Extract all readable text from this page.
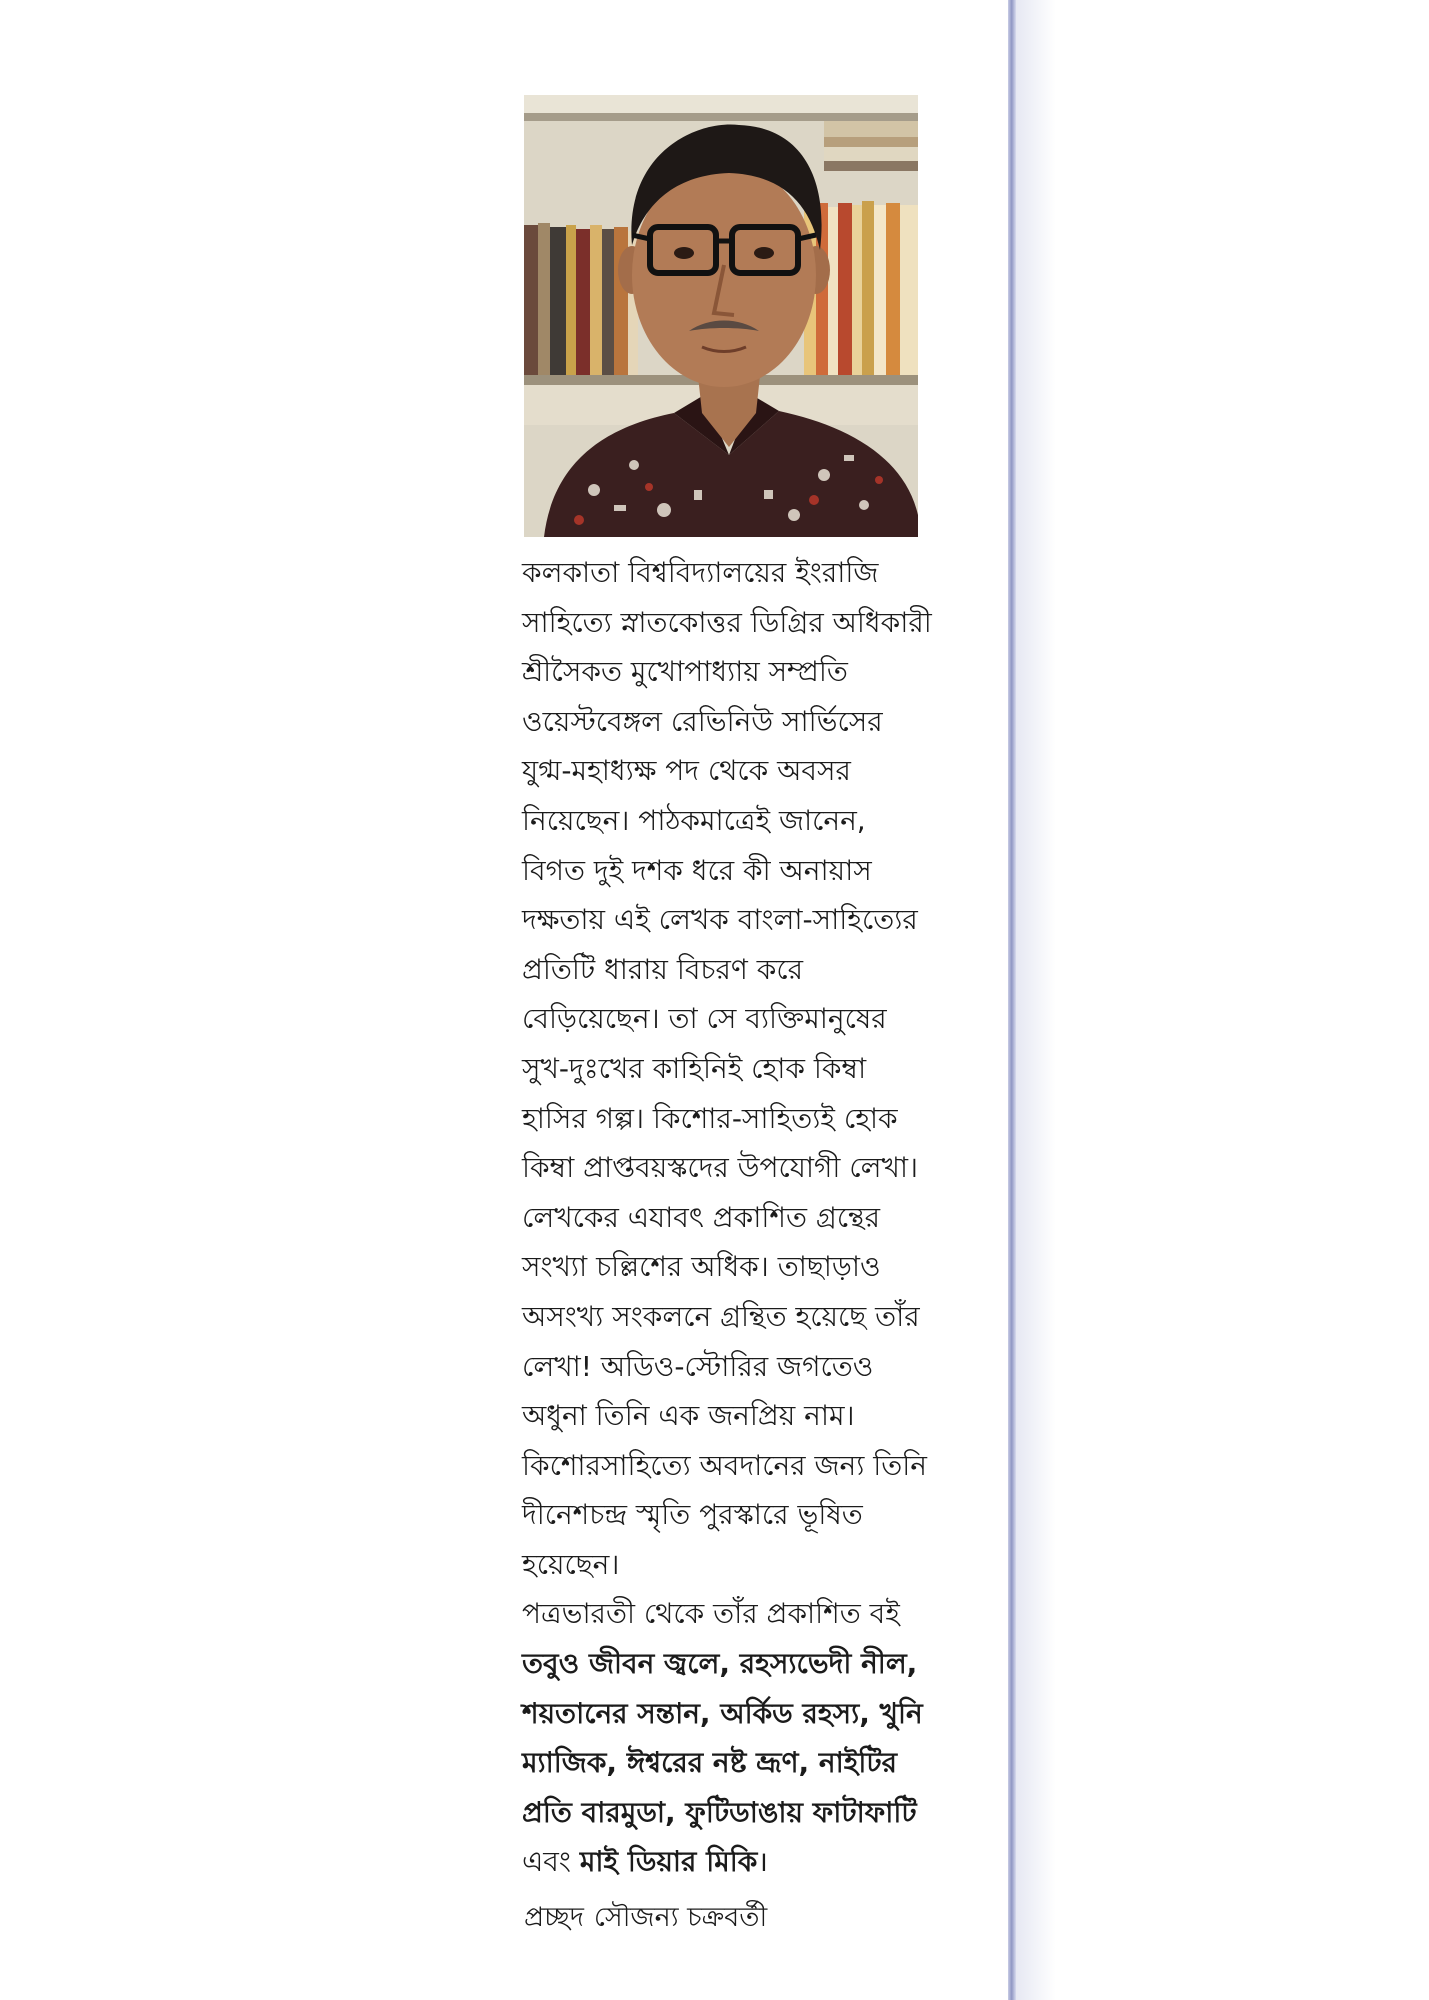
কলকাতা বিশ্ববিদ্যালয়ের ইংরাজি
সাহিত্যে স্নাতকোত্তর ডিগ্রির অধিকারী
শ্রীসৈকত মুখোপাধ্যায় সম্প্রতি
ওয়েস্টবেঙ্গল রেভিনিউ সার্ভিসের
যুগ্ম-মহাধ্যক্ষ পদ থেকে অবসর
নিয়েছেন। পাঠকমাত্রেই জানেন,
বিগত দুই দশক ধরে কী অনায়াস
দক্ষতায় এই লেখক বাংলা-সাহিত্যের
প্রতিটি ধারায় বিচরণ করে
বেড়িয়েছেন। তা সে ব্যক্তিমানুষের
সুখ-দুঃখের কাহিনিই হোক কিম্বা
হাসির গল্প। কিশোর-সাহিত্যই হোক
কিম্বা প্রাপ্তবয়স্কদের উপযোগী লেখা।
লেখকের এযাবৎ প্রকাশিত গ্রন্থের
সংখ্যা চল্লিশের অধিক। তাছাড়াও
অসংখ্য সংকলনে গ্রন্থিত হয়েছে তাঁর
লেখা! অডিও-স্টোরির জগতেও
অধুনা তিনি এক জনপ্রিয় নাম।
কিশোরসাহিত্যে অবদানের জন্য তিনি
দীনেশচন্দ্র স্মৃতি পুরস্কারে ভূষিত
হয়েছেন।
পত্রভারতী থেকে তাঁর প্রকাশিত বই
তবুও জীবন জ্বলে, রহস্যভেদী নীল,
শয়তানের সন্তান, অর্কিড রহস্য, খুনি
ম্যাজিক, ঈশ্বরের নষ্ট ভ্রূণ, নাইটির
প্রতি বারমুডা, ফুটিডাঙায় ফাটাফাটি
এবং মাই ডিয়ার মিকি।
প্রচ্ছদ সৌজন্য চক্রবর্তী
